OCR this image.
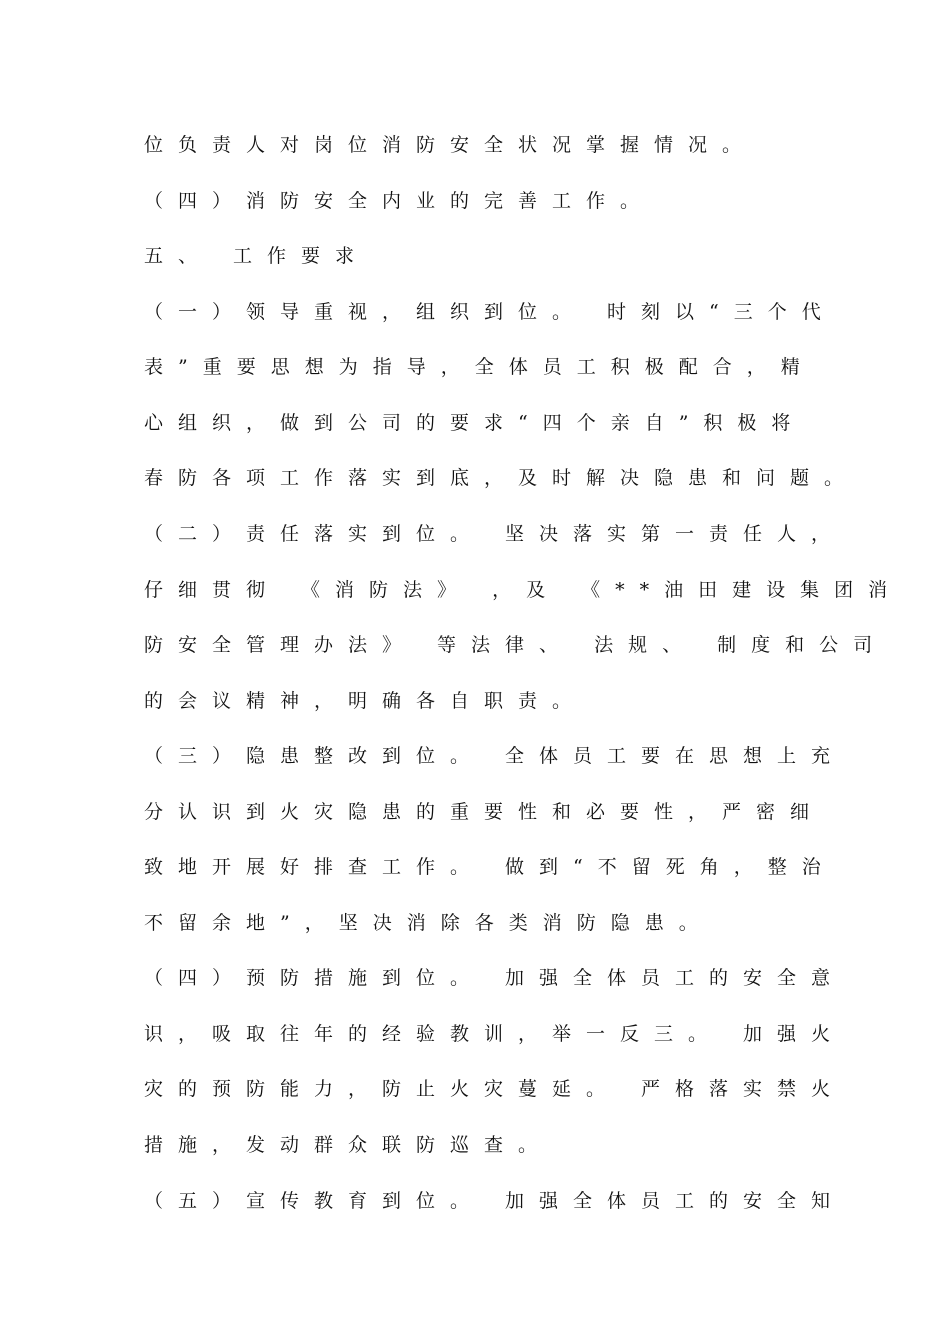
位负责人对岗位消防安全状况掌握情况。
（四）消防安全内业的完善工作。
五、 工作要求
（一）领导重视，组织到位。 时刻以“三个代
表”重要思想为指导，全体员工积极配合，精
心组织，做到公司的要求“四个亲自”积极将
春防各项工作落实到底，及时解决隐患和问题。
（二）责任落实到位。 坚决落实第一责任人，
仔细贯彻 《消防法》 ，及 《**油田建设集团消
防安全管理办法》 等法律、 法规、 制度和公司
的会议精神，明确各自职责。
（三）隐患整改到位。 全体员工要在思想上充
分认识到火灾隐患的重要性和必要性，严密细
致地开展好排查工作。 做到“不留死角，整治
不留余地”，坚决消除各类消防隐患。
（四）预防措施到位。 加强全体员工的安全意
识，吸取往年的经验教训，举一反三。 加强火
灾的预防能力，防止火灾蔓延。 严格落实禁火
措施，发动群众联防巡查。
（五）宣传教育到位。 加强全体员工的安全知
